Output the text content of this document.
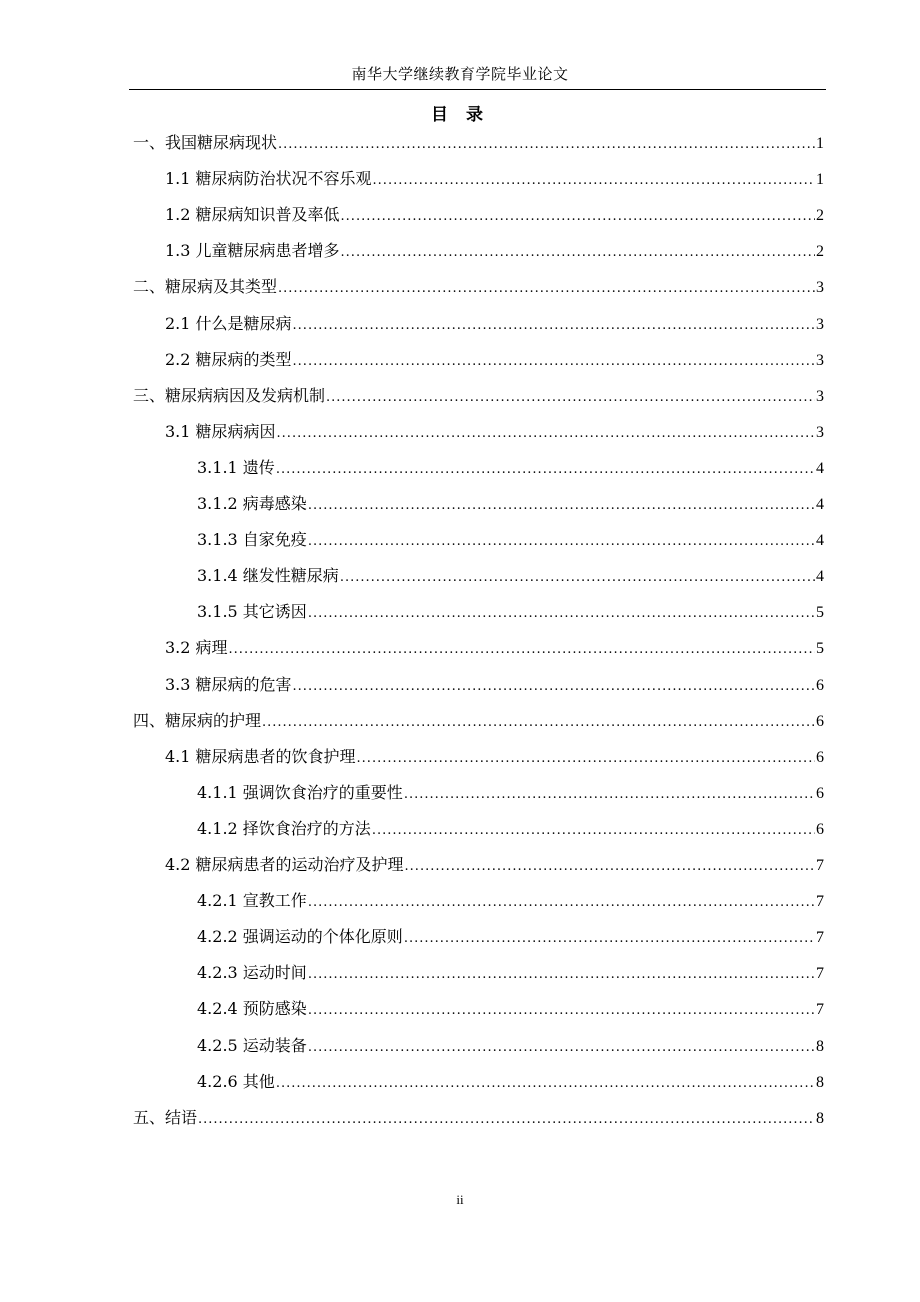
南华大学继续教育学院毕业论文
目 录
一、我国糖尿病现状 .....	1
1.1 糖尿病防治状况不容乐观 .....	1
1.2 糖尿病知识普及率低 .....	2
1.3 儿童糖尿病患者增多 .....	2
二、糖尿病及其类型 .....	3
2.1 什么是糖尿病 .....	3
2.2 糖尿病的类型 .....	3
三、糖尿病病因及发病机制 .....	3
3.1 糖尿病病因 .....	3
3.1.1 遗传 .....	4
3.1.2 病毒感染 .....	4
3.1.3 自家免疫 .....	4
3.1.4 继发性糖尿病 .....	4
3.1.5 其它诱因 .....	5
3.2 病理 .....	5
3.3 糖尿病的危害 .....	6
四、糖尿病的护理 .....	6
4.1 糖尿病患者的饮食护理 .....	6
4.1.1 强调饮食治疗的重要性 .....	6
4.1.2 择饮食治疗的方法 .....	6
4.2 糖尿病患者的运动治疗及护理 .....	7
4.2.1 宣教工作 .....	7
4.2.2 强调运动的个体化原则 .....	7
4.2.3 运动时间 .....	7
4.2.4 预防感染 .....	7
4.2.5 运动装备 .....	8
4.2.6 其他 .....	8
五、结语 .....	8
ii
